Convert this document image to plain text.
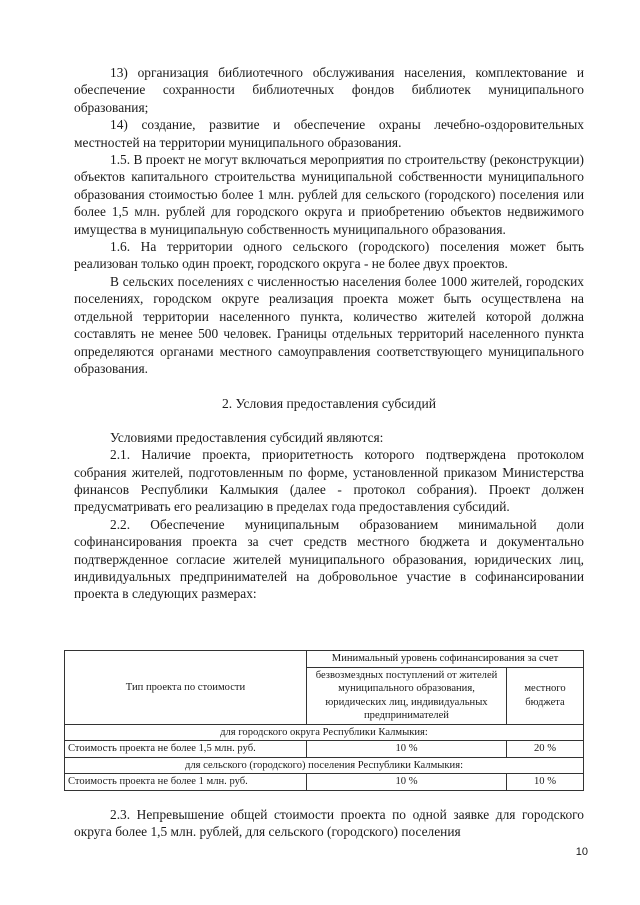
13) организация библиотечного обслуживания населения, комплектование и обеспечение сохранности библиотечных фондов библиотек муниципального образования;

14) создание, развитие и обеспечение охраны лечебно-оздоровительных местностей на территории муниципального образования.

1.5. В проект не могут включаться мероприятия по строительству (реконструкции) объектов капитального строительства муниципальной собственности муниципального образования стоимостью более 1 млн. рублей для сельского (городского) поселения или более 1,5 млн. рублей для городского округа и приобретению объектов недвижимого имущества в муниципальную собственность муниципального образования.

1.6. На территории одного сельского (городского) поселения может быть реализован только один проект, городского округа - не более двух проектов.

В сельских поселениях с численностью населения более 1000 жителей, городских поселениях, городском округе реализация проекта может быть осуществлена на отдельной территории населенного пункта, количество жителей которой должна составлять не менее 500 человек. Границы отдельных территорий населенного пункта определяются органами местного самоуправления соответствующего муниципального образования.

2. Условия предоставления субсидий

Условиями предоставления субсидий являются:

2.1. Наличие проекта, приоритетность которого подтверждена протоколом собрания жителей, подготовленным по форме, установленной приказом Министерства финансов Республики Калмыкия (далее - протокол собрания). Проект должен предусматривать его реализацию в пределах года предоставления субсидий.

2.2. Обеспечение муниципальным образованием минимальной доли софинансирования проекта за счет средств местного бюджета и документально подтвержденное согласие жителей муниципального образования, юридических лиц, индивидуальных предпринимателей на добровольное участие в софинансировании проекта в следующих размерах:

Тип проекта по стоимости	Минимальный уровень софинансирования за счет	
	безвозмездных поступлений от жителей муниципального образования, юридических лиц, индивидуальных предпринимателей	местного бюджета
для городского округа Республики Калмыкия:		
Стоимость проекта не более 1,5 млн. руб.	10 %	20 %
для сельского (городского) поселения Республики Калмыкия:		
Стоимость проекта не более 1 млн. руб.	10 %	10 %

2.3. Непревышение общей стоимости проекта по одной заявке для городского округа более 1,5 млн. рублей, для сельского (городского) поселения

10
